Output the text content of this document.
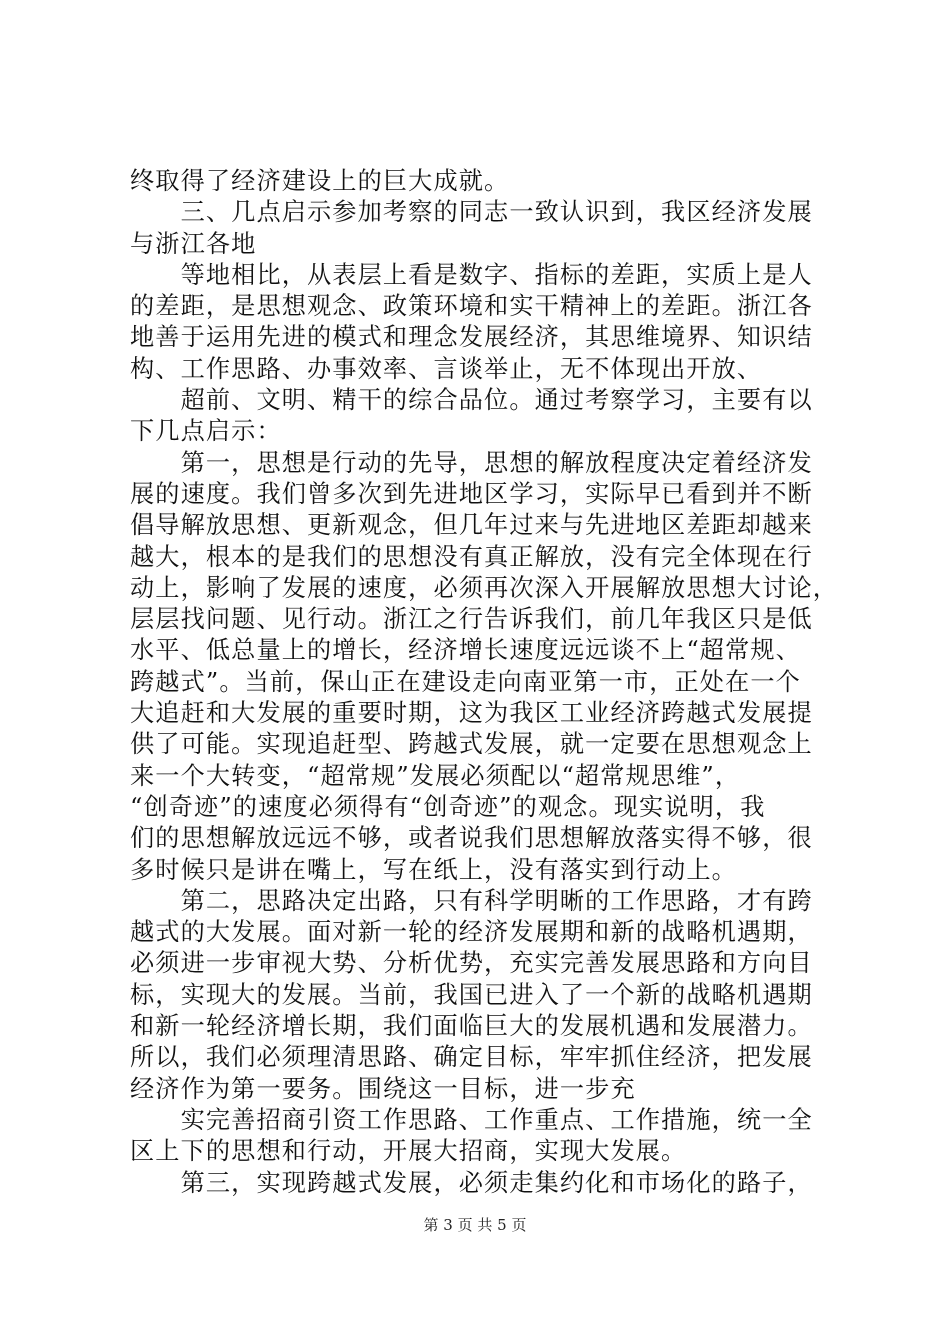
终取得了经济建设上的巨大成就。
　　三、几点启示参加考察的同志一致认识到，我区经济发展
与浙江各地
　　等地相比，从表层上看是数字、指标的差距，实质上是人
的差距，是思想观念、政策环境和实干精神上的差距。浙江各
地善于运用先进的模式和理念发展经济，其思维境界、知识结
构、工作思路、办事效率、言谈举止，无不体现出开放、
　　超前、文明、精干的综合品位。通过考察学习，主要有以
下几点启示：
　　第一，思想是行动的先导，思想的解放程度决定着经济发
展的速度。我们曾多次到先进地区学习，实际早已看到并不断
倡导解放思想、更新观念，但几年过来与先进地区差距却越来
越大，根本的是我们的思想没有真正解放，没有完全体现在行
动上，影响了发展的速度，必须再次深入开展解放思想大讨论，
层层找问题、见行动。浙江之行告诉我们，前几年我区只是低
水平、低总量上的增长，经济增长速度远远谈不上“超常规、
跨越式”。当前，保山正在建设走向南亚第一市，正处在一个
大追赶和大发展的重要时期，这为我区工业经济跨越式发展提
供了可能。实现追赶型、跨越式发展，就一定要在思想观念上
来一个大转变，“超常规”发展必须配以“超常规思维”，
“创奇迹”的速度必须得有“创奇迹”的观念。现实说明，我
们的思想解放远远不够，或者说我们思想解放落实得不够，很
多时候只是讲在嘴上，写在纸上，没有落实到行动上。
　　第二，思路决定出路，只有科学明晰的工作思路，才有跨
越式的大发展。面对新一轮的经济发展期和新的战略机遇期，
必须进一步审视大势、分析优势，充实完善发展思路和方向目
标，实现大的发展。当前，我国已进入了一个新的战略机遇期
和新一轮经济增长期，我们面临巨大的发展机遇和发展潜力。
所以，我们必须理清思路、确定目标，牢牢抓住经济，把发展
经济作为第一要务。围绕这一目标，进一步充
　　实完善招商引资工作思路、工作重点、工作措施，统一全
区上下的思想和行动，开展大招商，实现大发展。
　　第三，实现跨越式发展，必须走集约化和市场化的路子，
第 3 页 共 5 页
